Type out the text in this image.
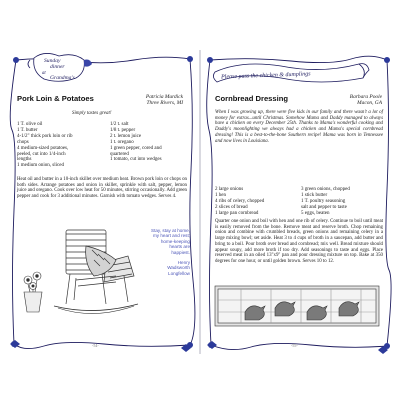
Sunday
dinner
at
Grandma's
Pork Loin & Potatoes	Patricia Murdick
Three Rivers, MI
Simply tastes great!
1 T. olive oil
1 T. butter
4-1/2" thick pork loin or rib
chops
4 medium-sized potatoes,
peeled, cut into 1/4-inch
lengths
1 medium onion, sliced
1/2 t. salt
1/8 t. pepper
2 t. lemon juice
1 t. oregano
1 green pepper, cored and
quartered
1 tomato, cut into wedges
Heat oil and butter in a 10-inch skillet over medium heat. Brown pork loin or chops on both sides. Arrange potatoes and onion in skillet, sprinkle with salt, pepper, lemon juice and oregano. Cook over low heat for 50 minutes, stirring occasionally. Add green pepper and cook for 3 additional minutes. Garnish with tomato wedges. Serves 4.
Stay, stay at home,
my heart and rest;
home-keeping
hearts are
happiest.
Henry
Wadsworth
Longfellow
-54-
Please pass the chicken & dumplings
Cornbread Dressing	Barbara Poole
Macon, GA
When I was growing up, there were five kids in our family and there wasn't a lot of money for extras...until Christmas. Somehow Mama and Daddy managed to always have a chicken on every December 25th. Thanks to Mama's wonderful cooking and Daddy's moonlighting we always had a chicken and Mama's special cornbread dressing! This is a best-to-the-bone Southern recipe! Mama was born in Tennessee and now lives in Louisiana.
2 large onions
1 hen
4 ribs of celery, chopped
2 slices of bread
1 large pan cornbread
3 green onions, chopped
1 stick butter
1 T. poultry seasoning
salt and pepper to taste
5 eggs, beaten
Quarter one onion and boil with hen and one rib of celery. Continue to boil until meat is easily removed from the bone. Remove meat and reserve broth. Chop remaining onion and combine with crumbled breads, green onions and remaining celery in a large mixing bowl; set aside. Heat 3 to 4 cups of broth in a saucepan, add butter and bring to a boil. Pour broth over bread and cornbread; mix well. Bread mixture should appear soupy, add more broth if too dry. Add seasonings to taste and eggs. Place reserved meat in an oiled 13"x9" pan and pour dressing mixture on top. Bake at 350 degrees for one hour, or until golden brown. Serves 10 to 12.
-55-
